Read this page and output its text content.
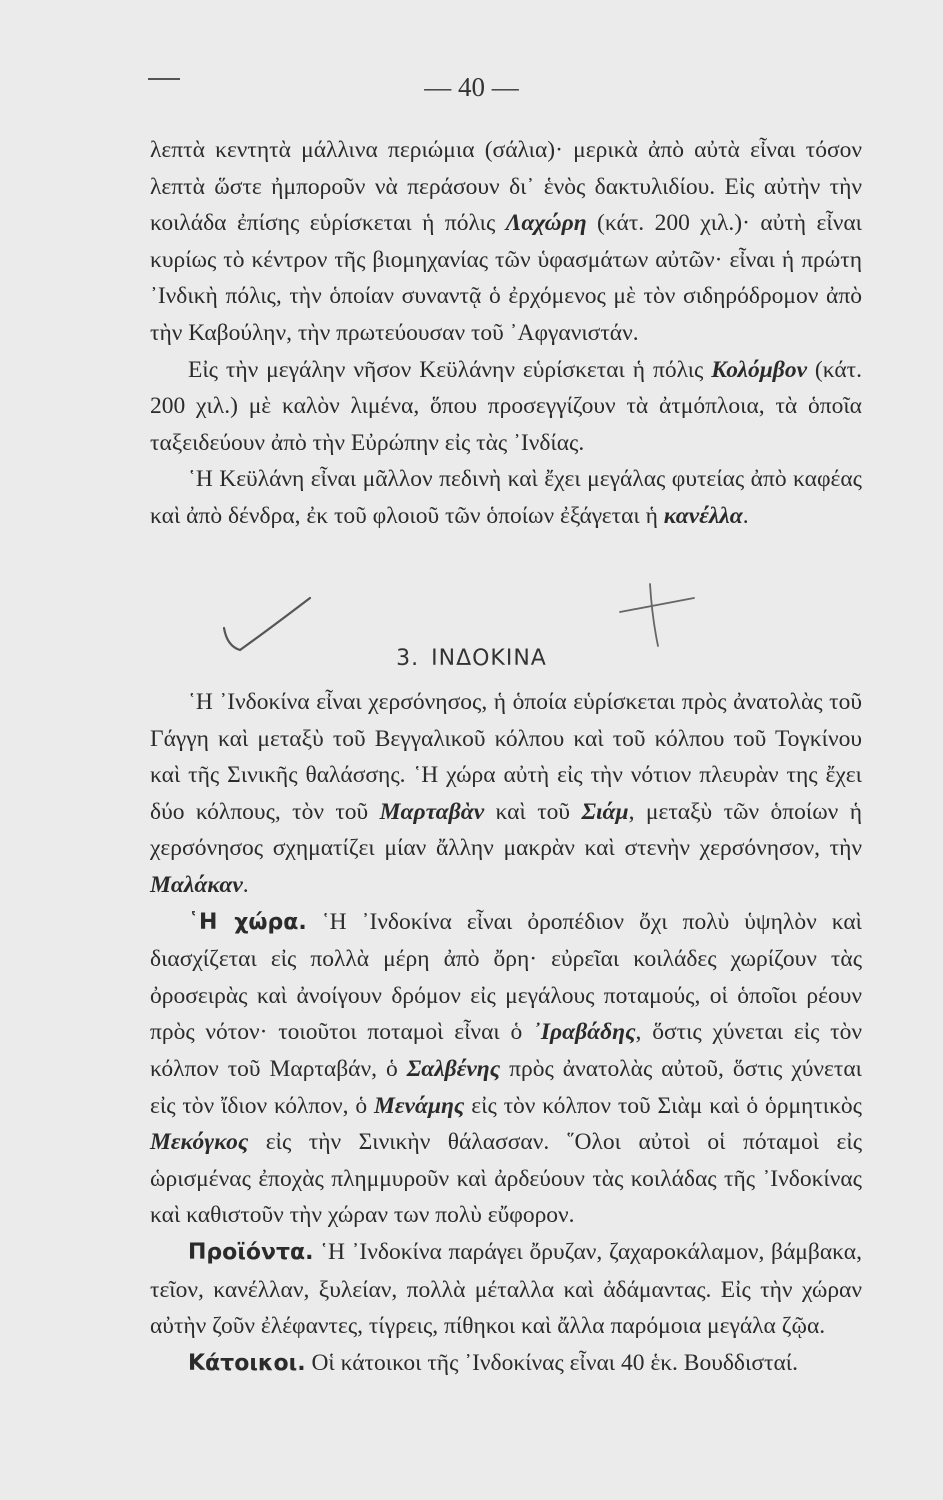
— 40 —

λεπτὰ κεντητὰ μάλλινα περιώμια (σάλια)· μερικὰ ἀπὸ αὐτὰ εἶναι τόσον λεπτὰ ὥστε ἠμποροῦν νὰ περάσουν δι᾿ ἑνὸς δακτυλιδίου. Εἰς αὐτὴν τὴν κοιλάδα ἐπίσης εὑρίσκεται ἡ πόλις Λαχώρη (κάτ. 200 χιλ.)· αὐτὴ εἶναι κυρίως τὸ κέντρον τῆς βιομηχανίας τῶν ὑφασμάτων αὐτῶν· εἶναι ἡ πρώτη ᾿Ινδικὴ πόλις, τὴν ὁποίαν συναντᾷ ὁ ἐρχόμενος μὲ τὸν σιδηρόδρομον ἀπὸ τὴν Καβούλην, τὴν πρωτεύουσαν τοῦ ᾿Αφγανιστάν.

Εἰς τὴν μεγάλην νῆσον Κεϋλάνην εὑρίσκεται ἡ πόλις Κολόμβον (κάτ. 200 χιλ.) μὲ καλὸν λιμένα, ὅπου προσεγγίζουν τὰ ἀτμόπλοια, τὰ ὁποῖα ταξειδεύουν ἀπὸ τὴν Εὐρώπην εἰς τὰς ᾿Ινδίας.

῾Η Κεϋλάνη εἶναι μᾶλλον πεδινὴ καὶ ἔχει μεγάλας φυτείας ἀπὸ καφέας καὶ ἀπὸ δένδρα, ἐκ τοῦ φλοιοῦ τῶν ὁποίων ἐξάγεται ἡ κανέλλα.

3. ΙΝΔΟΚΙΝΑ

῾Η ᾿Ινδοκίνα εἶναι χερσόνησος, ἡ ὁποία εὑρίσκεται πρὸς ἀνατολὰς τοῦ Γάγγη καὶ μεταξὺ τοῦ Βεγγαλικοῦ κόλπου καὶ τοῦ κόλπου τοῦ Τογκίνου καὶ τῆς Σινικῆς θαλάσσης. ῾Η χώρα αὐτὴ εἰς τὴν νότιον πλευρὰν της ἔχει δύο κόλπους, τὸν τοῦ Μαρταβὰν καὶ τοῦ Σιάμ, μεταξὺ τῶν ὁποίων ἡ χερσόνησος σχηματίζει μίαν ἄλλην μακρὰν καὶ στενὴν χερσόνησον, τὴν Μαλάκαν.

῾Η χώρα. ῾Η ᾿Ινδοκίνα εἶναι ὀροπέδιον ὄχι πολὺ ὑψηλὸν καὶ διασχίζεται εἰς πολλὰ μέρη ἀπὸ ὄρη· εὐρεῖαι κοιλάδες χωρίζουν τὰς ὀροσειρὰς καὶ ἀνοίγουν δρόμον εἰς μεγάλους ποταμούς, οἱ ὁποῖοι ρέουν πρὸς νότον· τοιοῦτοι ποταμοὶ εἶναι ὁ ᾿Ιραβάδης, ὅστις χύνεται εἰς τὸν κόλπον τοῦ Μαρταβάν, ὁ Σαλβένης πρὸς ἀνατολὰς αὐτοῦ, ὅστις χύνεται εἰς τὸν ἴδιον κόλπον, ὁ Μενάμης εἰς τὸν κόλπον τοῦ Σιὰμ καὶ ὁ ὁρμητικὸς Μεκόγκος εἰς τὴν Σινικὴν θάλασσαν. ῞Ολοι αὐτοὶ οἱ πόταμοὶ εἰς ὡρισμένας ἐποχὰς πλημμυροῦν καὶ ἀρδεύουν τὰς κοιλάδας τῆς ᾿Ινδοκίνας καὶ καθιστοῦν τὴν χώραν των πολὺ εὔφορον.

Προϊόντα. ῾Η ᾿Ινδοκίνα παράγει ὄρυζαν, ζαχαροκάλαμον, βάμβακα, τεῖον, κανέλλαν, ξυλείαν, πολλὰ μέταλλα καὶ ἀδάμαντας. Εἰς τὴν χώραν αὐτὴν ζοῦν ἐλέφαντες, τίγρεις, πίθηκοι καὶ ἄλλα παρόμοια μεγάλα ζῷα.

Κάτοικοι. Οἱ κάτοικοι τῆς ᾿Ινδοκίνας εἶναι 40 ἑκ. Βουδδισταί.
